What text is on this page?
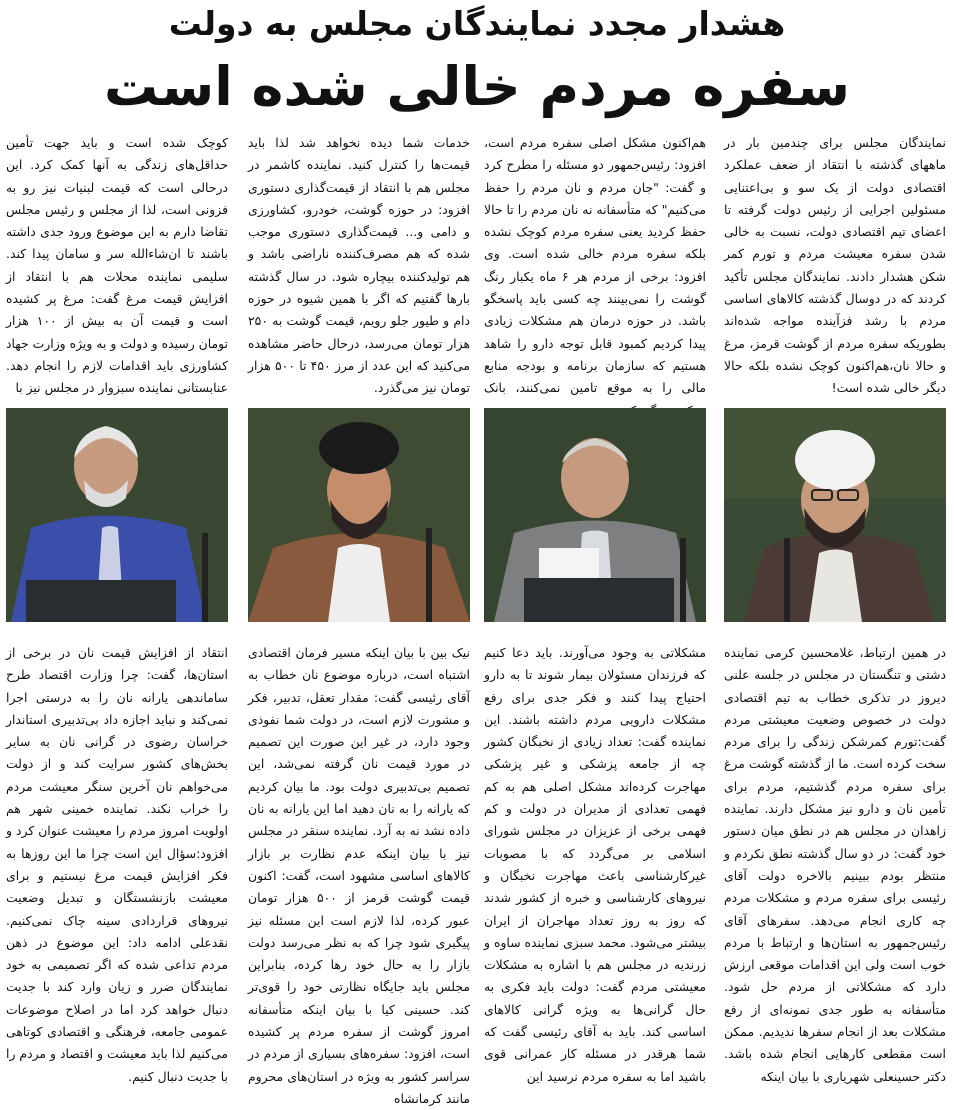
هشدار مجدد نمایندگان مجلس به دولت
سفره مردم خالی شده است

نمایندگان مجلس برای چندمین بار در ماههای گذشته با انتقاد از ضعف عملکرد اقتصادی دولت از یک سو و بی‌اعتنایی مسئولین اجرایی از رئیس دولت گرفته تا اعضای تیم اقتصادی دولت، نسبت به خالی شدن سفره معیشت مردم و تورم کمر شکن هشدار دادند. نمایندگان مجلس تأکید کردند که در دوسال گذشته کالاهای اساسی مردم با رشد فزآینده مواجه شده‌اند بطوریکه سفره مردم از گوشت قرمز، مرغ و حالا نان،هم‌اکنون کوچک نشده بلکه حالا دیگر خالی شده است!

هم‌اکنون مشکل اصلی سفره مردم است، افزود: رئیس‌جمهور دو مسئله را مطرح کرد و گفت: "جان مردم و نان مردم را حفظ می‌کنیم" که متأسفانه نه نان مردم را تا حالا حفظ کردید یعنی سفره مردم کوچک نشده بلکه سفره مردم خالی شده است. وی افزود: برخی از مردم هر ۶ ماه یکبار رنگ گوشت را نمی‌بینند چه کسی باید پاسخگو باشد. در حوزه درمان هم مشکلات زیادی پیدا کردیم کمبود قابل توجه دارو را شاهد هستیم که سازمان برنامه و بودجه منابع مالی را به موقع تامین نمی‌کنند، بانک

خدمات شما دیده نخواهد شد لذا باید قیمت‌ها را کنترل کنید. نماینده کاشمر در مجلس هم با انتقاد از قیمت‌گذاری دستوری افزود: در حوزه گوشت، خودرو، کشاورزی و دامی و... قیمت‌گذاری دستوری موجب شده که هم مصرف‌کننده ناراضی باشد و هم تولیدکننده بیچاره شود. در سال گذشته بارها گفتیم که اگر با همین شیوه در حوزه دام و طیور جلو رویم، قیمت گوشت به ۲۵۰ هزار تومان می‌رسد، درحال حاضر مشاهده می‌کنید که این عدد از مرز ۴۵۰ تا ۵۰۰ هزار تومان نیز می‌گذرد.

کوچک شده است و باید جهت تأمین حداقل‌های زندگی به آنها کمک کرد. این درحالی است که قیمت لبنیات نیز رو به فزونی است، لذا از مجلس و رئیس مجلس تقاضا دارم به این موضوع ورود جدی داشته باشند تا ان‌شاءالله سر و سامان پیدا کند. سلیمی نماینده محلات هم با انتقاد از افزایش قیمت مرغ گفت: مرغ پر کشیده است و قیمت آن به بیش از ۱۰۰ هزار تومان رسیده و دولت و به ویژه وزارت جهاد کشاورزی باید اقدامات لازم را انجام دهد. عنابستانی نماینده سبزوار در مجلس نیز با

در همین ارتباط، غلامحسین کرمی نماینده دشتی و تنگستان در مجلس در جلسه علنی دیروز در تذکری خطاب به تیم اقتصادی دولت در خصوص وضعیت معیشتی مردم گفت:تورم کمرشکن زندگی را برای مردم سخت کرده است. ما از گذشته گوشت مرغ برای سفره مردم گذشتیم، مردم برای تأمین نان و دارو نیز مشکل دارند. نماینده زاهدان در مجلس هم در نطق میان دستور خود گفت: در دو سال گذشته نطق نکردم و منتظر بودم ببینیم بالاخره دولت آقای رئیسی برای سفره مردم و مشکلات مردم چه کاری انجام می‌دهد. سفرهای آقای رئیس‌جمهور به استان‌ها و ارتباط با مردم خوب است ولی این اقدامات موقعی ارزش دارد که مشکلاتی از مردم حل شود. متأسفانه به طور جدی نمونه‌ای از رفع مشکلات بعد از انجام سفرها ندیدیم. ممکن است مقطعی کارهایی انجام شده باشد. دکتر حسینعلی شهریاری با بیان اینکه

مشکلاتی به وجود می‌آورند. باید دعا کنیم که فرزندان مسئولان بیمار شوند تا به دارو احتیاج پیدا کنند و فکر جدی برای رفع مشکلات دارویی مردم داشته باشند. این نماینده گفت: تعداد زیادی از نخبگان کشور چه از جامعه پزشکی و غیر پزشکی مهاجرت کرده‌اند مشکل اصلی هم به کم فهمی تعدادی از مدیران در دولت و کم فهمی برخی از عزیزان در مجلس شورای اسلامی بر می‌گردد که با مصوبات غیرکارشناسی باعث مهاجرت نخبگان و نیروهای کارشناسی و خبره از کشور شدند که روز به روز تعداد مهاجران از ایران بیشتر می‌شود. محمد سبزی نماینده ساوه و زرندیه در مجلس هم با اشاره به مشکلات معیشتی مردم گفت: دولت باید فکری به حال گرانی‌ها به ویژه گرانی کالاهای اساسی کند. باید به آقای رئیسی گفت که شما هرقدر در مسئله کار عمرانی قوی باشید اما به سفره مردم نرسید این

نیک بین با بیان اینکه مسیر فرمان اقتصادی اشتباه است، درباره موضوع نان خطاب به آقای رئیسی گفت: مقدار تعقل، تدبیر، فکر و مشورت لازم است، در دولت شما نفوذی وجود دارد، در غیر این صورت این تصمیم در مورد قیمت نان گرفته نمی‌شد، این تصمیم بی‌تدبیری دولت بود. ما بیان کردیم که یارانه را به نان دهید اما این یارانه به نان داده نشد نه به آرد. نماینده سنقر در مجلس نیز با بیان اینکه عدم نظارت بر بازار کالاهای اساسی مشهود است، گفت: اکنون قیمت گوشت قرمز از ۵۰۰ هزار تومان عبور کرده، لذا لازم است این مسئله نیز پیگیری شود چرا که به نظر می‌رسد دولت بازار را به حال خود رها کرده، بنابراین مجلس باید جایگاه نظارتی خود را قوی‌تر کند. حسینی کیا با بیان اینکه متأسفانه امروز گوشت از سفره مردم پر کشیده است، افزود: سفره‌های بسیاری از مردم در سراسر کشور به ویژه در استان‌های محروم مانند کرمانشاه

انتقاد از افزایش قیمت نان در برخی از استان‌ها، گفت: چرا وزارت اقتصاد طرح ساماندهی یارانه نان را به درستی اجرا نمی‌کند و نباید اجازه داد بی‌تدبیری استاندار خراسان رضوی در گرانی نان به سایر بخش‌های کشور سرایت کند و از دولت می‌خواهم نان آخرین سنگر معیشت مردم را خراب نکند. نماینده خمینی شهر هم اولویت امروز مردم را معیشت عنوان کرد و افزود:سؤال این است چرا ما این روزها به فکر افزایش قیمت مرغ نیستیم و برای معیشت بازنشستگان و تبدیل وضعیت نیروهای قراردادی سینه چاک نمی‌کنیم. نقدعلی ادامه داد: این موضوع در ذهن مردم تداعی شده که اگر تصمیمی به خود نمایندگان ضرر و زیان وارد کند با جدیت دنبال خواهد کرد اما در اصلاح موضوعات عمومی جامعه، فرهنگی و اقتصادی کوتاهی می‌کنیم لذا باید معیشت و اقتصاد و مردم را با جدیت دنبال کنیم.
